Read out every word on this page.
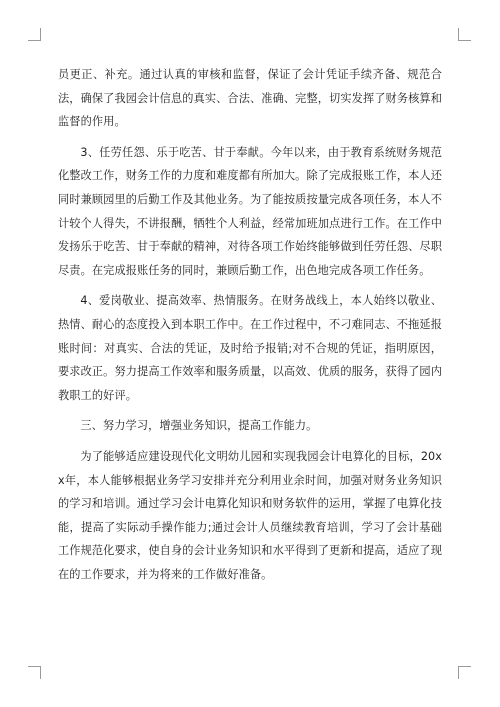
员更正、补充。通过认真的审核和监督，保证了会计凭证手续齐备、规范合法，确保了我园会计信息的真实、合法、准确、完整，切实发挥了财务核算和监督的作用。

3、任劳任怨、乐于吃苦、甘于奉献。今年以来，由于教育系统财务规范化整改工作，财务工作的力度和难度都有所加大。除了完成报账工作，本人还同时兼顾园里的后勤工作及其他业务。为了能按质按量完成各项任务，本人不计较个人得失，不讲报酬，牺牲个人利益，经常加班加点进行工作。在工作中发扬乐于吃苦、甘于奉献的精神，对待各项工作始终能够做到任劳任怨、尽职尽责。在完成报账任务的同时，兼顾后勤工作，出色地完成各项工作任务。

4、爱岗敬业、提高效率、热情服务。在财务战线上，本人始终以敬业、热情、耐心的态度投入到本职工作中。在工作过程中，不刁难同志、不拖延报账时间：对真实、合法的凭证，及时给予报销;对不合规的凭证，指明原因，要求改正。努力提高工作效率和服务质量，以高效、优质的服务，获得了园内教职工的好评。

三、努力学习，增强业务知识，提高工作能力。

为了能够适应建设现代化文明幼儿园和实现我园会计电算化的目标，20xx年，本人能够根据业务学习安排并充分利用业余时间，加强对财务业务知识的学习和培训。通过学习会计电算化知识和财务软件的运用，掌握了电算化技能，提高了实际动手操作能力;通过会计人员继续教育培训，学习了会计基础工作规范化要求，使自身的会计业务知识和水平得到了更新和提高，适应了现在的工作要求，并为将来的工作做好准备。
